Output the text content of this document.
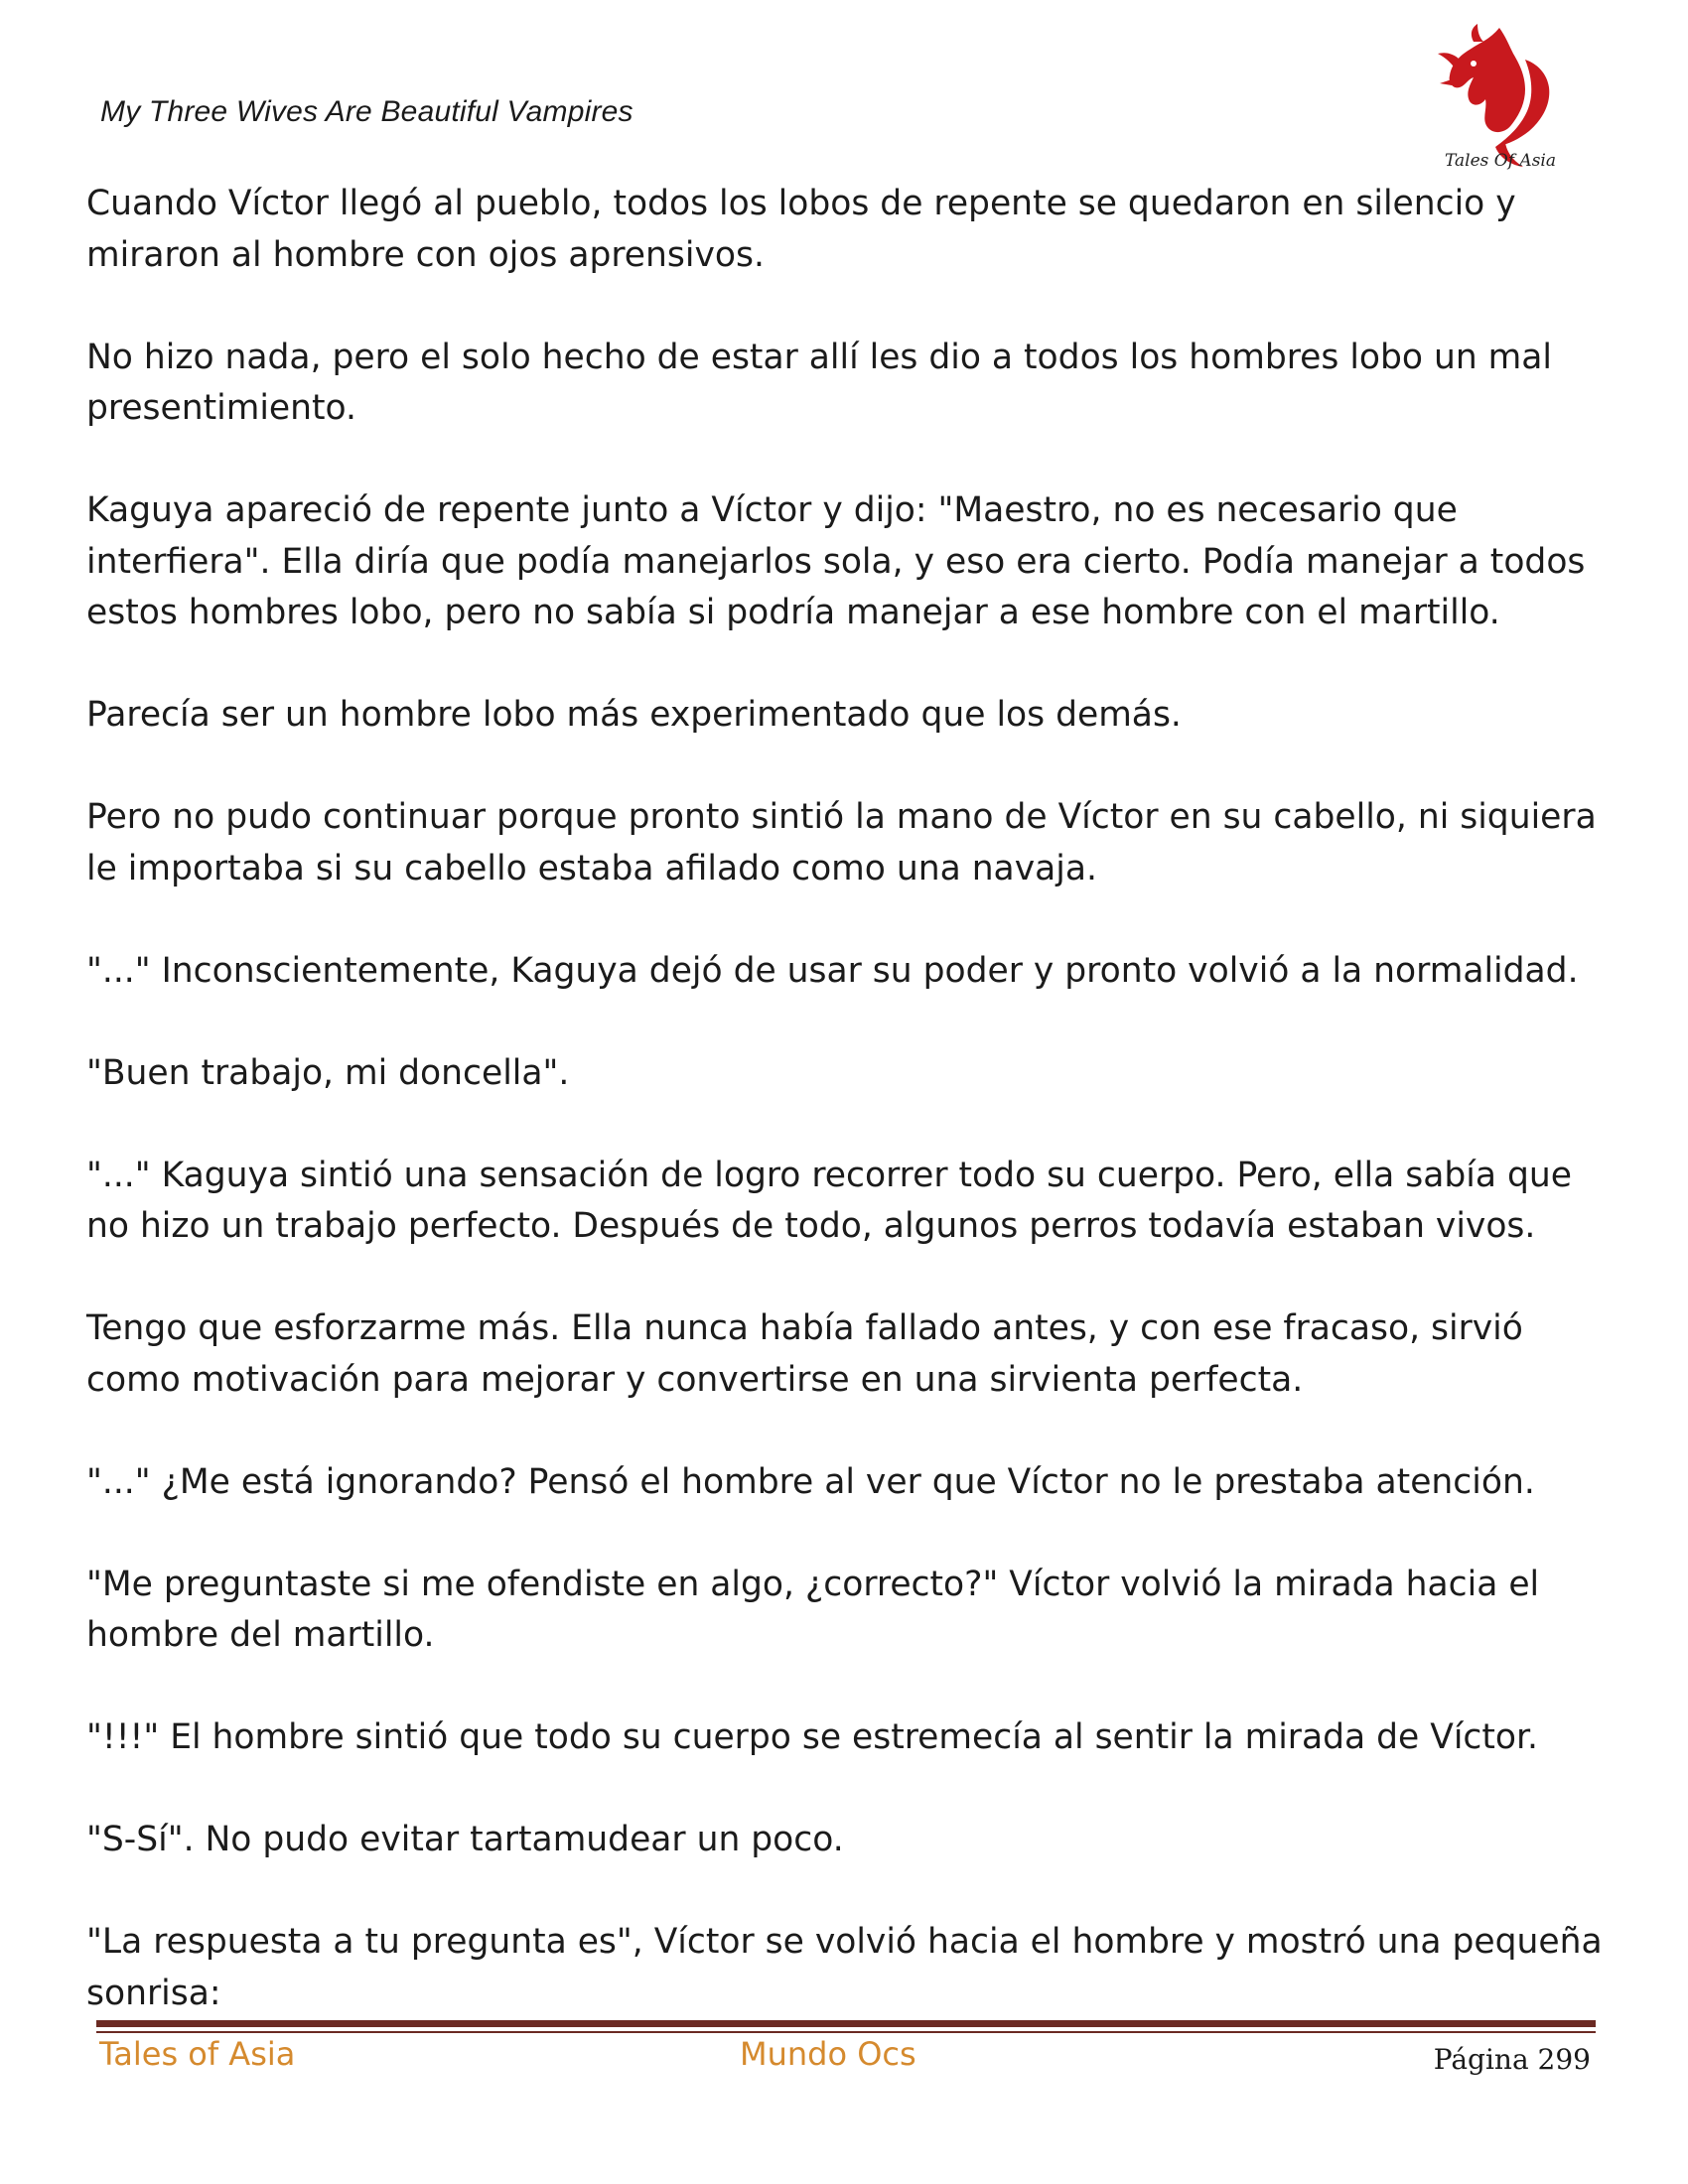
My Three Wives Are Beautiful Vampires
Tales Of Asia

Cuando Víctor llegó al pueblo, todos los lobos de repente se quedaron en silencio y miraron al hombre con ojos aprensivos.

No hizo nada, pero el solo hecho de estar allí les dio a todos los hombres lobo un mal presentimiento.

Kaguya apareció de repente junto a Víctor y dijo: "Maestro, no es necesario que interfiera". Ella diría que podía manejarlos sola, y eso era cierto. Podía manejar a todos estos hombres lobo, pero no sabía si podría manejar a ese hombre con el martillo.

Parecía ser un hombre lobo más experimentado que los demás.

Pero no pudo continuar porque pronto sintió la mano de Víctor en su cabello, ni siquiera le importaba si su cabello estaba afilado como una navaja.

"..." Inconscientemente, Kaguya dejó de usar su poder y pronto volvió a la normalidad.

"Buen trabajo, mi doncella".

"..." Kaguya sintió una sensación de logro recorrer todo su cuerpo. Pero, ella sabía que no hizo un trabajo perfecto. Después de todo, algunos perros todavía estaban vivos.

Tengo que esforzarme más. Ella nunca había fallado antes, y con ese fracaso, sirvió como motivación para mejorar y convertirse en una sirvienta perfecta.

"..." ¿Me está ignorando? Pensó el hombre al ver que Víctor no le prestaba atención.

"Me preguntaste si me ofendiste en algo, ¿correcto?" Víctor volvió la mirada hacia el hombre del martillo.

"!!!" El hombre sintió que todo su cuerpo se estremecía al sentir la mirada de Víctor.

"S-Sí". No pudo evitar tartamudear un poco.

"La respuesta a tu pregunta es", Víctor se volvió hacia el hombre y mostró una pequeña sonrisa:

Tales of Asia	Mundo Ocs	Página 299
